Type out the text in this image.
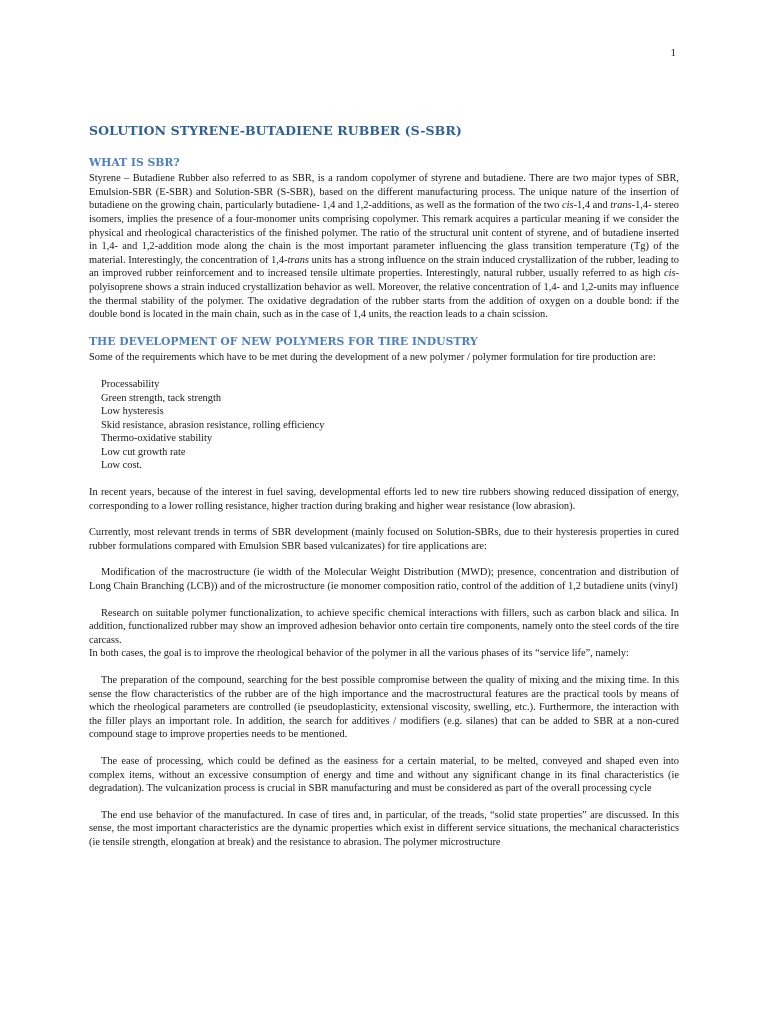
1
SOLUTION STYRENE-BUTADIENE RUBBER (S-SBR)
WHAT IS SBR?

Styrene – Butadiene Rubber also referred to as SBR, is a random copolymer of styrene and butadiene. There are two major types of SBR, Emulsion-SBR (E-SBR) and Solution-SBR (S-SBR), based on the different manufacturing process. The unique nature of the insertion of butadiene on the growing chain, particularly butadiene- 1,4 and 1,2-additions, as well as the formation of the two cis-1,4 and trans-1,4- stereo isomers, implies the presence of a four-monomer units comprising copolymer. This remark acquires a particular meaning if we consider the physical and rheological characteristics of the finished polymer. The ratio of the structural unit content of styrene, and of butadiene inserted in 1,4- and 1,2-addition mode along the chain is the most important parameter influencing the glass transition temperature (Tg) of the material. Interestingly, the concentration of 1,4-trans units has a strong influence on the strain induced crystallization of the rubber, leading to an improved rubber reinforcement and to increased tensile ultimate properties. Interestingly, natural rubber, usually referred to as high cis-polyisoprene shows a strain induced crystallization behavior as well. Moreover, the relative concentration of 1,4- and 1,2-units may influence the thermal stability of the polymer. The oxidative degradation of the rubber starts from the addition of oxygen on a double bond: if the double bond is located in the main chain, such as in the case of 1,4 units, the reaction leads to a chain scission.

THE DEVELOPMENT OF NEW POLYMERS FOR TIRE INDUSTRY

Some of the requirements which have to be met during the development of a new polymer / polymer formulation for tire production are:

Processability
Green strength, tack strength
Low hysteresis
Skid resistance, abrasion resistance, rolling efficiency
Thermo-oxidative stability
Low cut growth rate
Low cost.

In recent years, because of the interest in fuel saving, developmental efforts led to new tire rubbers showing reduced dissipation of energy, corresponding to a lower rolling resistance, higher traction during braking and higher wear resistance (low abrasion).

Currently, most relevant trends in terms of SBR development (mainly focused on Solution-SBRs, due to their hysteresis properties in cured rubber formulations compared with Emulsion SBR based vulcanizates) for tire applications are:

Modification of the macrostructure (ie width of the Molecular Weight Distribution (MWD); presence, concentration and distribution of Long Chain Branching (LCB)) and of the microstructure (ie monomer composition ratio, control of the addition of 1,2 butadiene units (vinyl)

Research on suitable polymer functionalization, to achieve specific chemical interactions with fillers, such as carbon black and silica. In addition, functionalized rubber may show an improved adhesion behavior onto certain tire components, namely onto the steel cords of the tire carcass.

In both cases, the goal is to improve the rheological behavior of the polymer in all the various phases of its “service life”, namely:

The preparation of the compound, searching for the best possible compromise between the quality of mixing and the mixing time. In this sense the flow characteristics of the rubber are of the high importance and the macrostructural features are the practical tools by means of which the rheological parameters are controlled (ie pseudoplasticity, extensional viscosity, swelling, etc.). Furthermore, the interaction with the filler plays an important role. In addition, the search for additives / modifiers (e.g. silanes) that can be added to SBR at a non-cured compound stage to improve properties needs to be mentioned.

The ease of processing, which could be defined as the easiness for a certain material, to be melted, conveyed and shaped even into complex items, without an excessive consumption of energy and time and without any significant change in its final characteristics (ie degradation). The vulcanization process is crucial in SBR manufacturing and must be considered as part of the overall processing cycle

The end use behavior of the manufactured. In case of tires and, in particular, of the treads, “solid state properties” are discussed. In this sense, the most important characteristics are the dynamic properties which exist in different service situations, the mechanical characteristics (ie tensile strength, elongation at break) and the resistance to abrasion. The polymer microstructure
